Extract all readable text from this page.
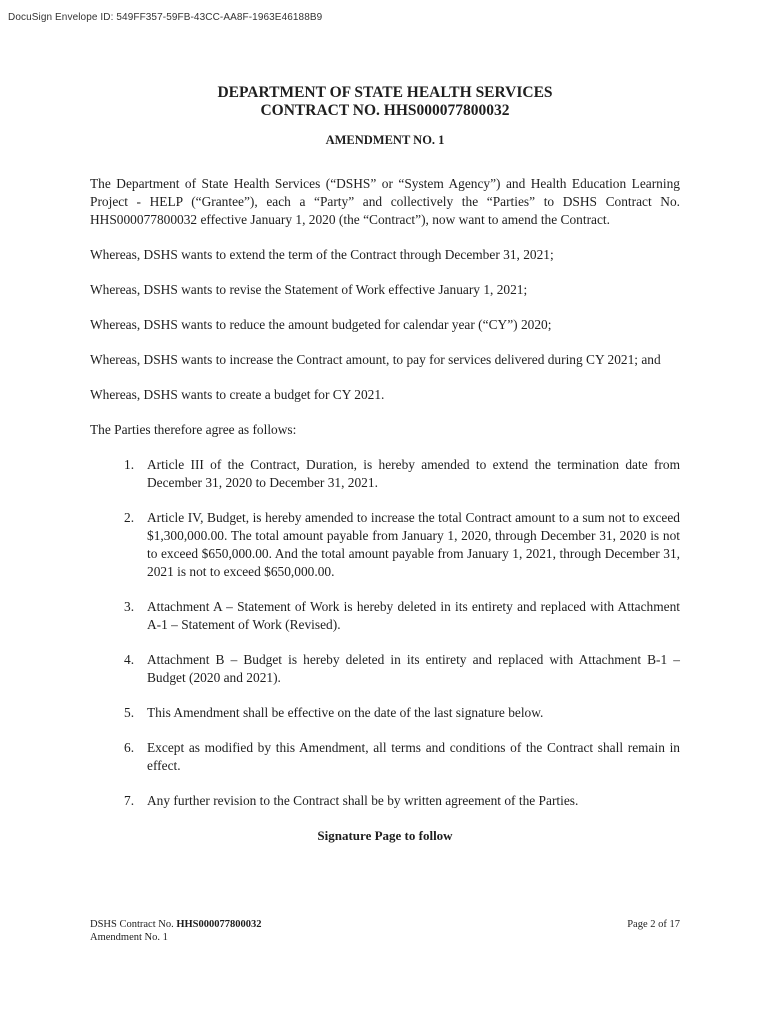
DocuSign Envelope ID: 549FF357-59FB-43CC-AA8F-1963E46188B9
DEPARTMENT OF STATE HEALTH SERVICES
CONTRACT NO. HHS000077800032
AMENDMENT NO. 1

The Department of State Health Services (“DSHS” or “System Agency”) and Health Education Learning Project - HELP (“Grantee”), each a “Party” and collectively the “Parties” to DSHS Contract No. HHS000077800032 effective January 1, 2020 (the “Contract”), now want to amend the Contract.

Whereas, DSHS wants to extend the term of the Contract through December 31, 2021;

Whereas, DSHS wants to revise the Statement of Work effective January 1, 2021;

Whereas, DSHS wants to reduce the amount budgeted for calendar year (“CY”) 2020;

Whereas, DSHS wants to increase the Contract amount, to pay for services delivered during CY 2021; and

Whereas, DSHS wants to create a budget for CY 2021.

The Parties therefore agree as follows:

1. Article III of the Contract, Duration, is hereby amended to extend the termination date from December 31, 2020 to December 31, 2021.
2. Article IV, Budget, is hereby amended to increase the total Contract amount to a sum not to exceed $1,300,000.00. The total amount payable from January 1, 2020, through December 31, 2020 is not to exceed $650,000.00. And the total amount payable from January 1, 2021, through December 31, 2021 is not to exceed $650,000.00.
3. Attachment A – Statement of Work is hereby deleted in its entirety and replaced with Attachment A-1 – Statement of Work (Revised).
4. Attachment B – Budget is hereby deleted in its entirety and replaced with Attachment B-1 – Budget (2020 and 2021).
5. This Amendment shall be effective on the date of the last signature below.
6. Except as modified by this Amendment, all terms and conditions of the Contract shall remain in effect.
7. Any further revision to the Contract shall be by written agreement of the Parties.
Signature Page to follow
DSHS Contract No. HHS000077800032
Amendment No. 1
Page 2 of 17
